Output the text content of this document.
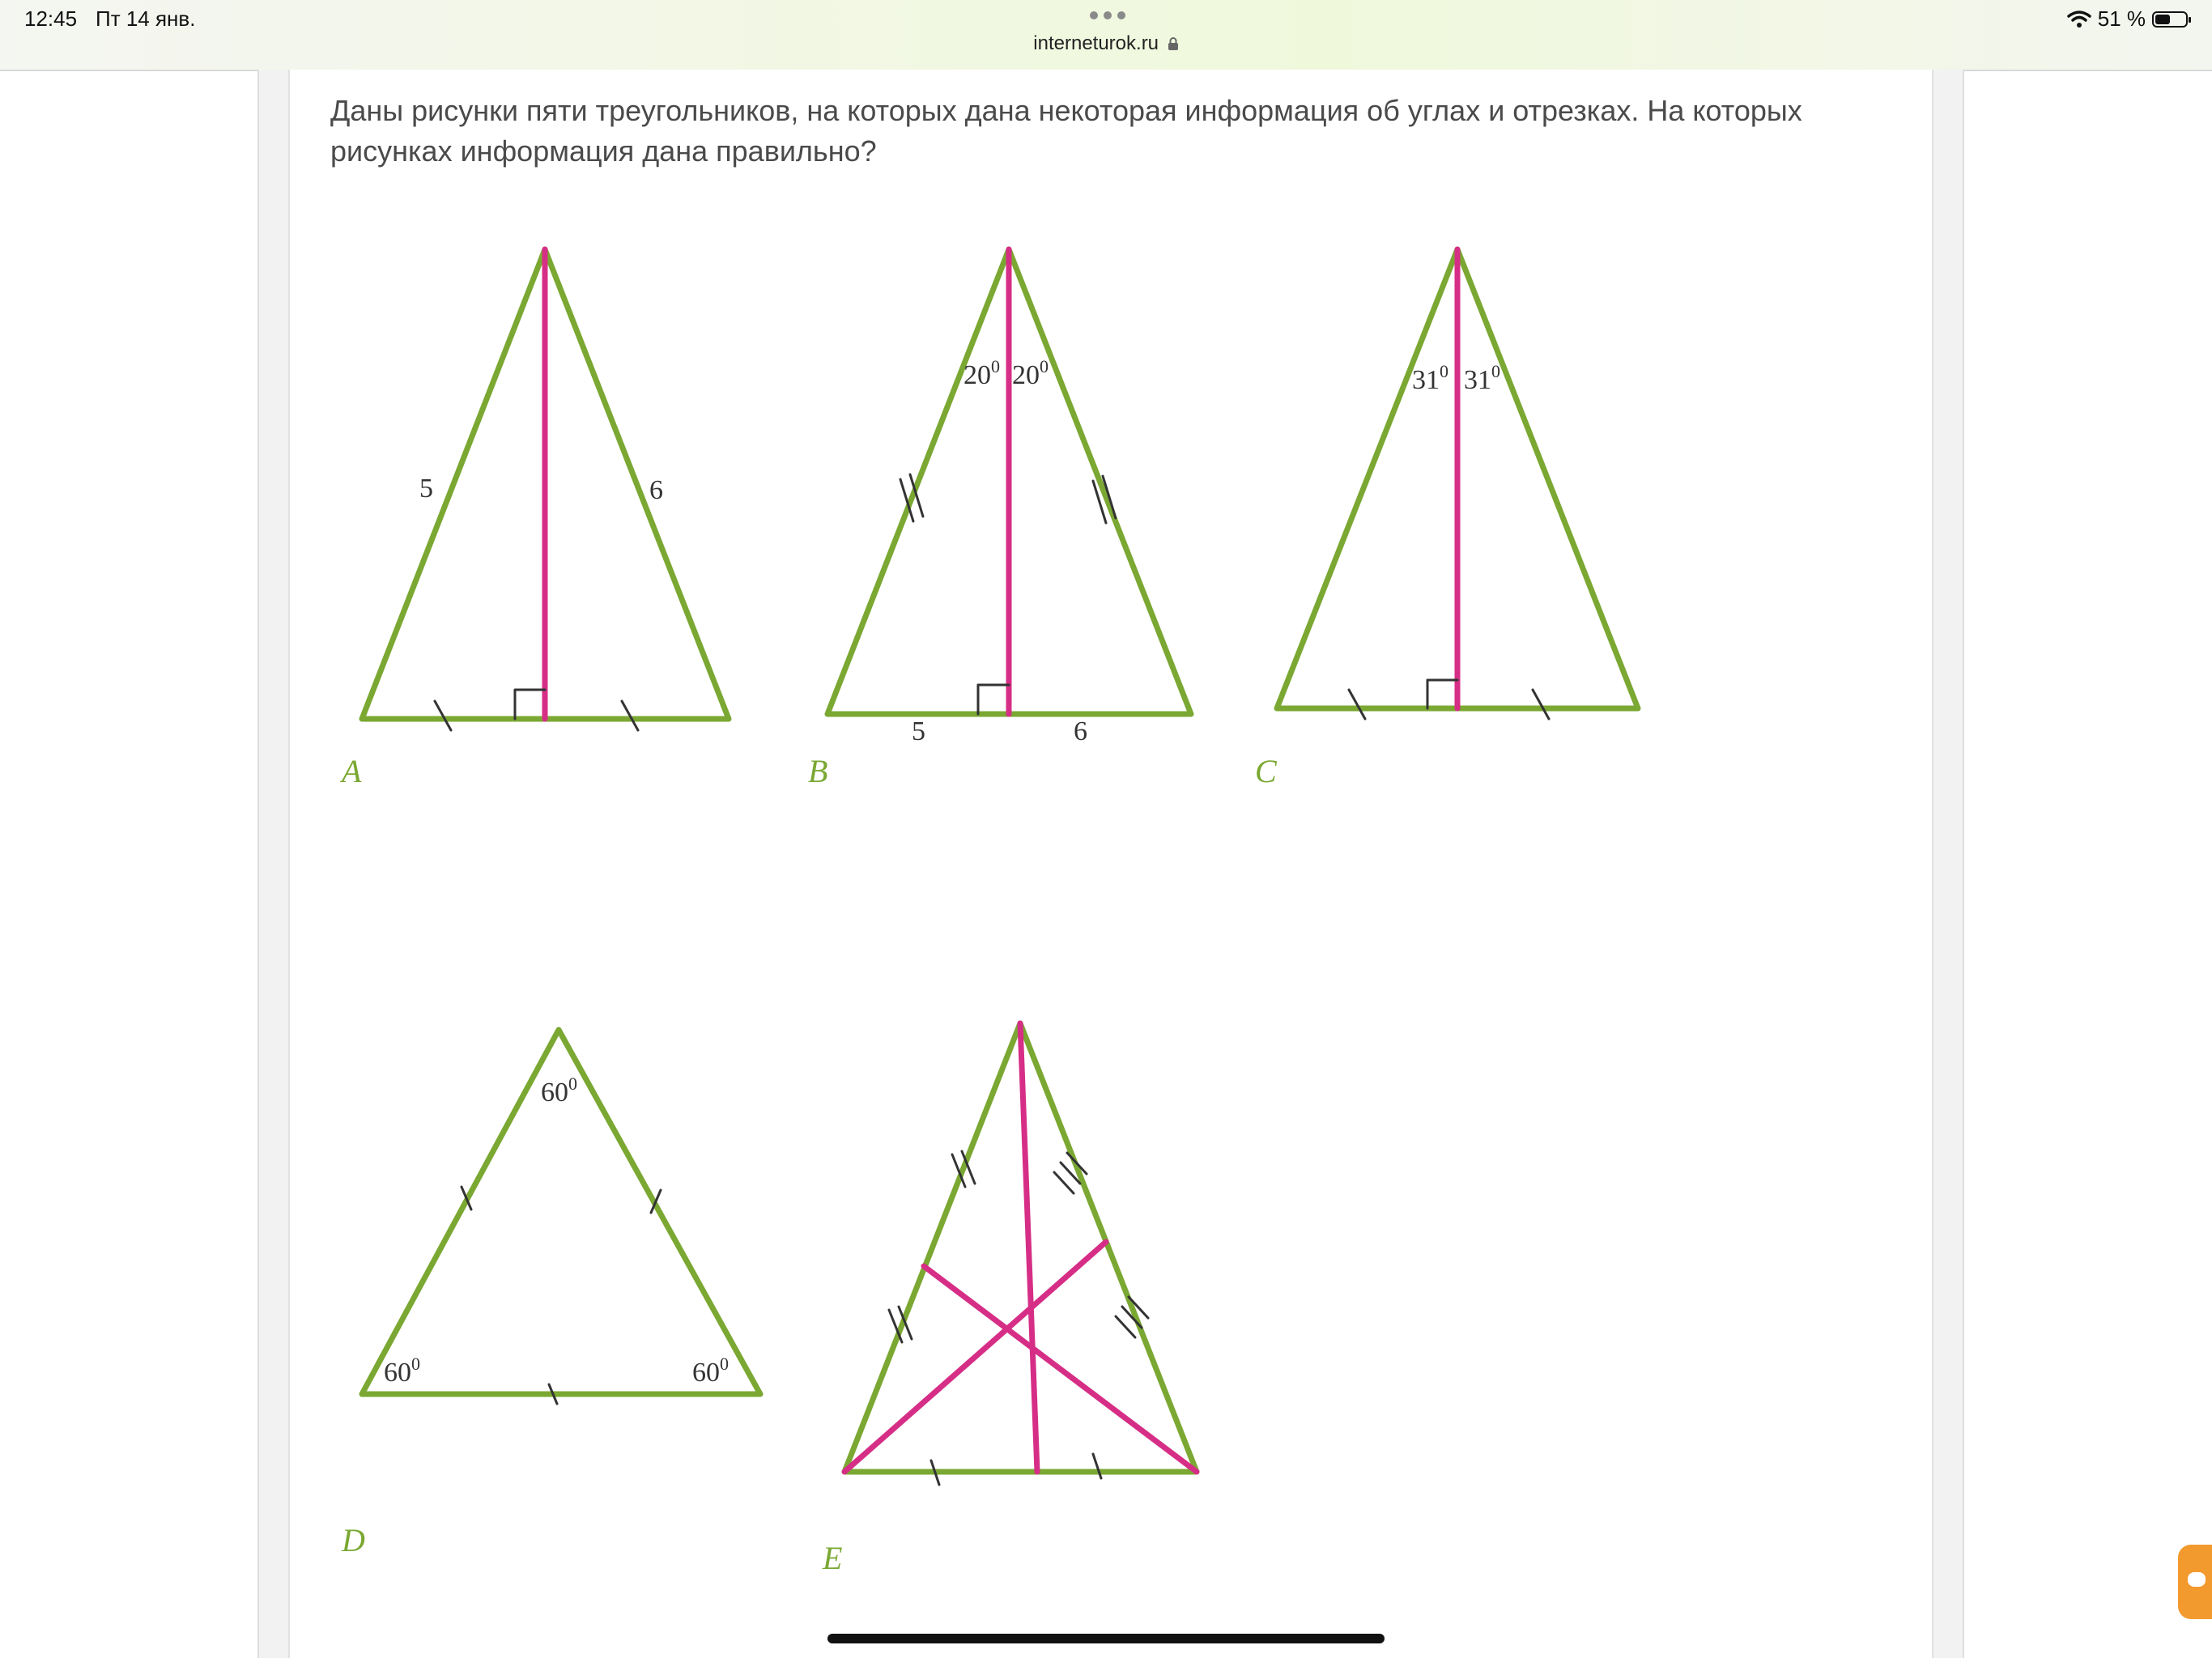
12:45 Пт 14 янв.
interneturok.ru
51 %
Даны рисунки пяти треугольников, на которых дана некоторая информация об углах и отрезках. На которых рисунках информация дана правильно?
5	6
A
$20^0$ $20^0$
5	6
B
$31^0$ $31^0$
C
$60^0$
$60^0$	$60^0$
D	E
